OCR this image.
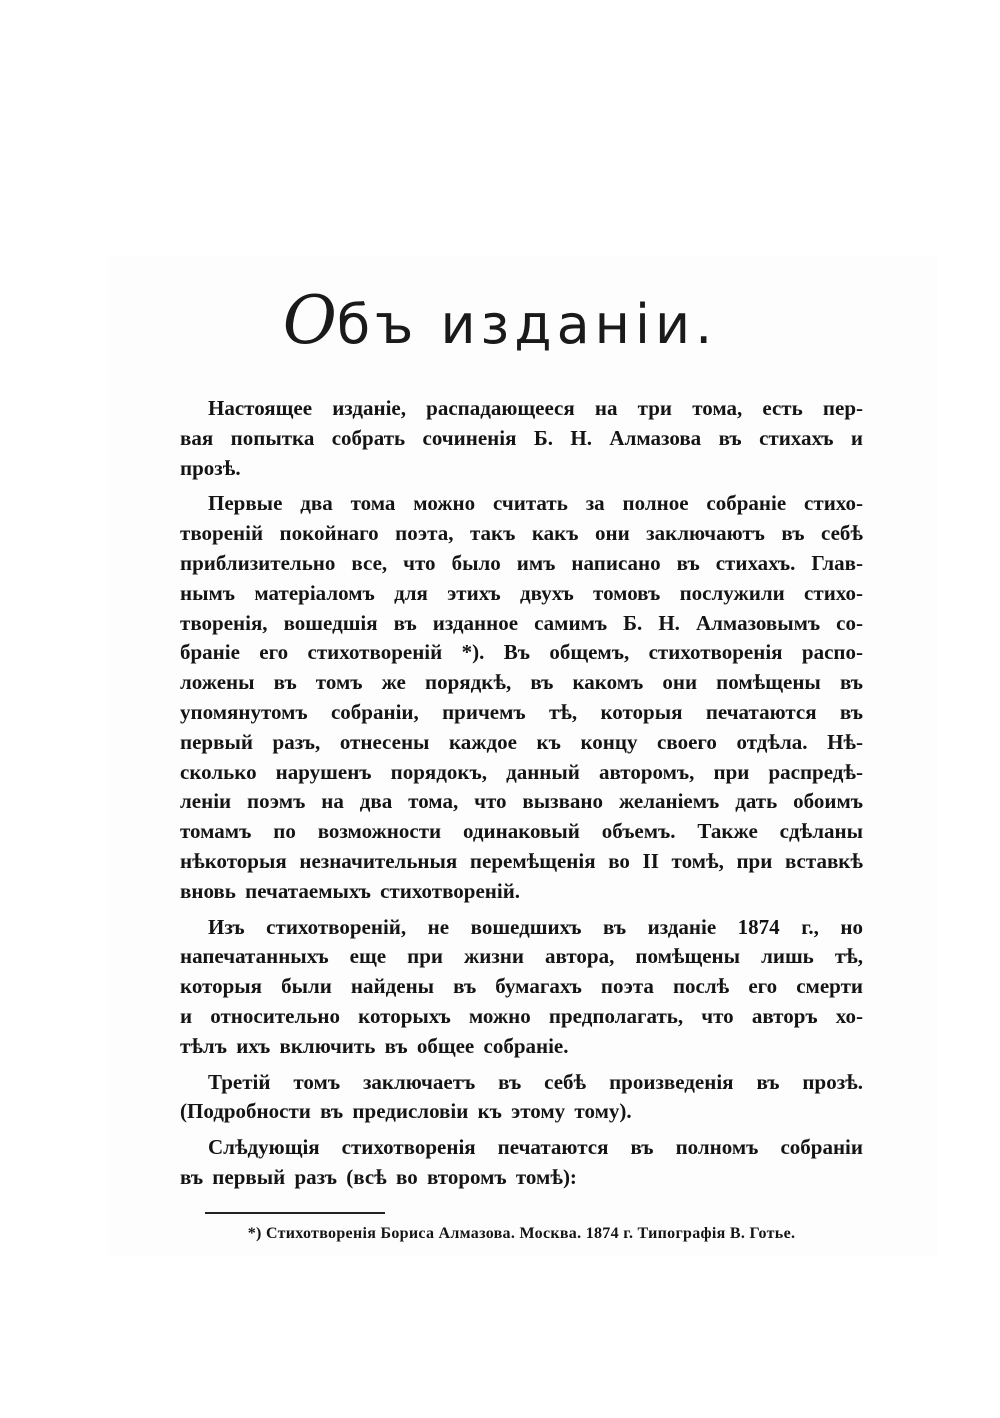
Объ изданіи.
Настоящее изданіе, распадающееся на три тома, есть пер-
вая попытка собрать сочиненія Б. Н. Алмазова въ стихахъ и
прозѣ.
Первые два тома можно считать за полное собраніе стихо-
твореній покойнаго поэта, такъ какъ они заключаютъ въ себѣ
приблизительно все, что было имъ написано въ стихахъ. Глав-
нымъ матеріаломъ для этихъ двухъ томовъ послужили стихо-
творенія, вошедшія въ изданное самимъ Б. Н. Алмазовымъ со-
браніе его стихотвореній *). Въ общемъ, стихотворенія распо-
ложены въ томъ же порядкѣ, въ какомъ они помѣщены въ
упомянутомъ собраніи, причемъ тѣ, которыя печатаются въ
первый разъ, отнесены каждое къ концу своего отдѣла. Нѣ-
сколько нарушенъ порядокъ, данный авторомъ, при распредѣ-
леніи поэмъ на два тома, что вызвано желаніемъ дать обоимъ
томамъ по возможности одинаковый объемъ. Также сдѣланы
нѣкоторыя незначительныя перемѣщенія во II томѣ, при вставкѣ
вновь печатаемыхъ стихотвореній.
Изъ стихотвореній, не вошедшихъ въ изданіе 1874 г., но
напечатанныхъ еще при жизни автора, помѣщены лишь тѣ,
которыя были найдены въ бумагахъ поэта послѣ его смерти
и относительно которыхъ можно предполагать, что авторъ хо-
тѣлъ ихъ включить въ общее собраніе.
Третій томъ заключаетъ въ себѣ произведенія въ прозѣ.
(Подробности въ предисловіи къ этому тому).
Слѣдующія стихотворенія печатаются въ полномъ собраніи
въ первый разъ (всѣ во второмъ томѣ):
*) Стихотворенія Бориса Алмазова. Москва. 1874 г. Типографія В. Готье.
